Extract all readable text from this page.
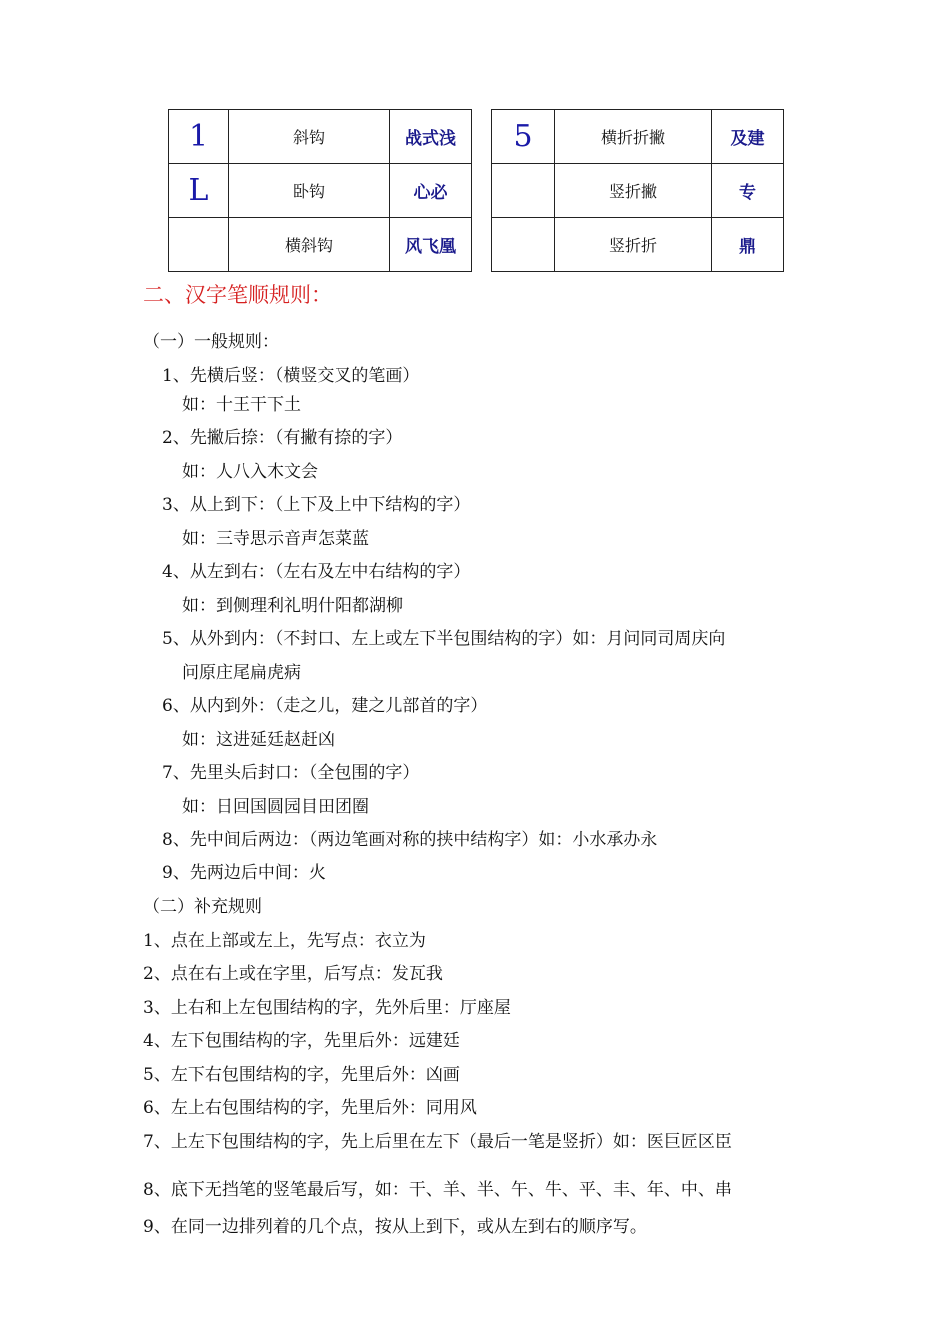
1	斜钩	战式浅		5	横折折撇	及建
L	卧钩	心必			竖折撇	专
	横斜钩	风飞凰			竖折折	鼎
二、汉字笔顺规则：
（一）一般规则：
1、先横后竖：（横竖交叉的笔画）
如：十王干下土
2、先撇后捺：（有撇有捺的字）
如：人八入木文会
3、从上到下：（上下及上中下结构的字）
如：三寺思示音声怎菜蓝
4、从左到右：（左右及左中右结构的字）
如：到侧理利礼明什阳都湖柳
5、从外到内：（不封口、左上或左下半包围结构的字）如：月问同司周庆向
问原庄尾扁虎病
6、从内到外：（走之儿，建之儿部首的字）
如：这进延廷赵赶凶
7、先里头后封口：（全包围的字）
如：日回国圆园目田团圈
8、先中间后两边：（两边笔画对称的挟中结构字）如：小水承办永
9、先两边后中间：火
（二）补充规则
1、点在上部或左上，先写点：衣立为
2、点在右上或在字里，后写点：发瓦我
3、上右和上左包围结构的字，先外后里：厅座屋
4、左下包围结构的字，先里后外：远建廷
5、左下右包围结构的字，先里后外：凶画
6、左上右包围结构的字，先里后外：同用风
7、上左下包围结构的字，先上后里在左下（最后一笔是竖折）如：医巨匠区臣
8、底下无挡笔的竖笔最后写，如：干、羊、半、午、牛、平、丰、年、中、串
9、在同一边排列着的几个点，按从上到下，或从左到右的顺序写。
